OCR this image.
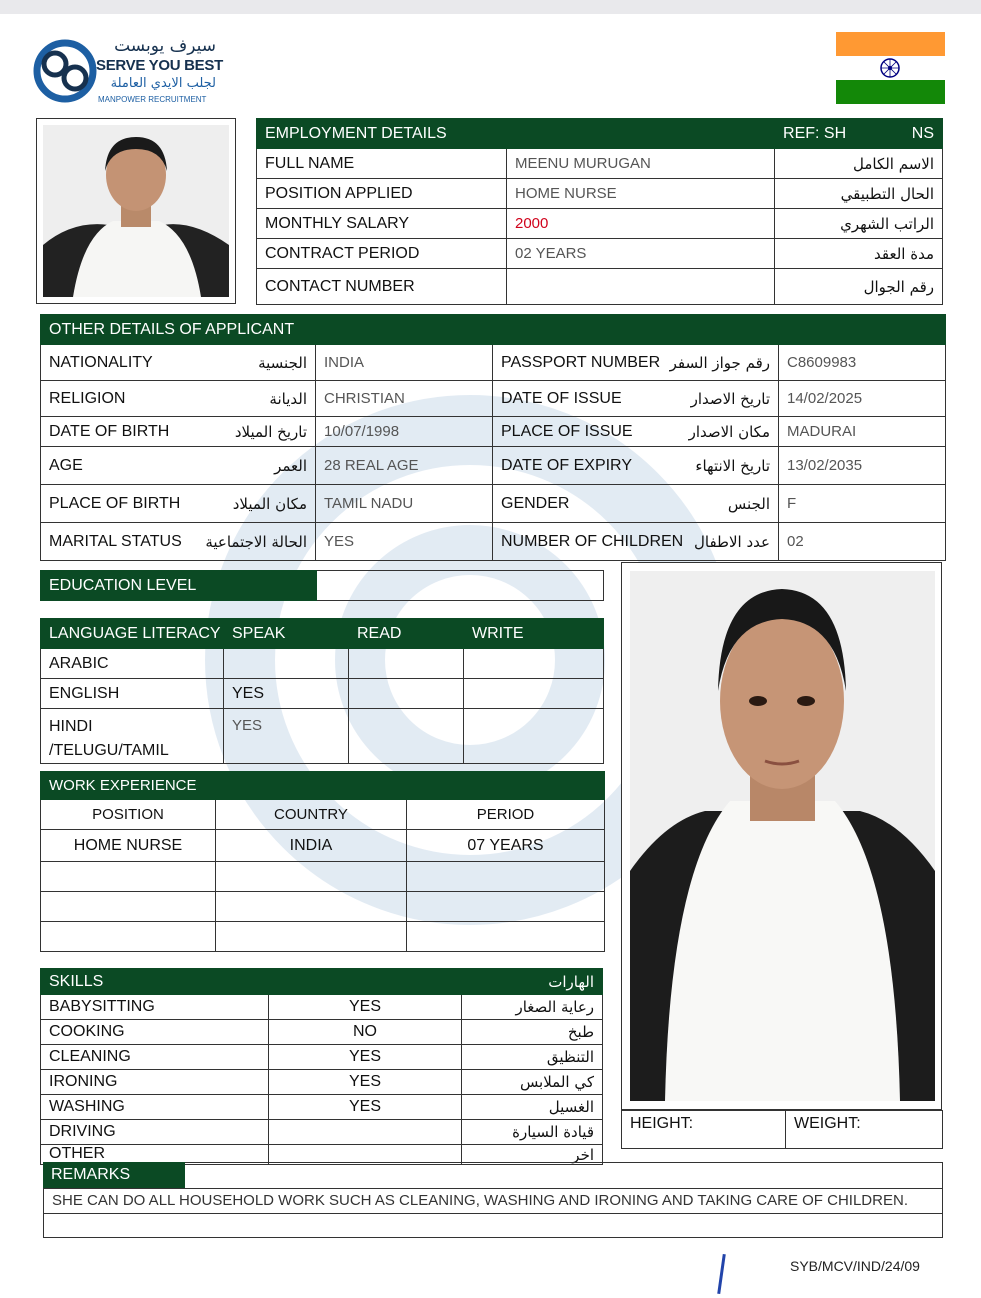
سيرف يوبست
SERVE YOU BEST
لجلب الايدي العاملة
MANPOWER RECRUITMENT
EMPLOYMENT DETAILS		REF: SH NS

FULL NAME	MEENU MURUGAN	الاسم الكامل
POSITION APPLIED	HOME NURSE	الحال التطبيقي
MONTHLY SALARY	2000	الراتب الشهري
CONTRACT PERIOD	02 YEARS	مدة العقد
CONTACT NUMBER		رقم الجوال
OTHER DETAILS OF APPLICANT			

NATIONALITY الجنسية	INDIA	PASSPORT NUMBER رقم جواز السفر	C8609983

RELIGION الديانة	CHRISTIAN	DATE OF ISSUE تاريخ الاصدار	14/02/2025

DATE OF BIRTH تاريخ الميلاد	10/07/1998	PLACE OF ISSUE مكان الاصدار	MADURAI

AGE العمر	28 REAL AGE	DATE OF EXPIRY تاريخ الانتهاء	13/02/2035

PLACE OF BIRTH مكان الميلاد	TAMIL NADU	GENDER الجنس	F

MARITAL STATUS الحالة الاجتماعية	YES	NUMBER OF CHILDREN عدد الاطفال	02
EDUCATION LEVEL	
LANGUAGE LITERACY	SPEAK	READ	WRITE
ARABIC			
ENGLISH	YES		

HINDI
/TELUGU/TAMIL	YES		
WORK EXPERIENCE		
POSITION	COUNTRY	PERIOD
HOME NURSE	INDIA	07 YEARS

SKILLS	الهارات	
BABYSITTING	YES	رعاية الصغار
COOKING	NO	طبخ
CLEANING	YES	التنظيق
IRONING	YES	كي الملابس
WASHING	YES	الغسيل
DRIVING		قيادة السيارة
OTHER		اخر
HEIGHT:	WEIGHT:
REMARKS
SHE CAN DO ALL HOUSEHOLD WORK SUCH AS CLEANING, WASHING AND IRONING AND TAKING CARE OF CHILDREN.
SYB/MCV/IND/24/09
